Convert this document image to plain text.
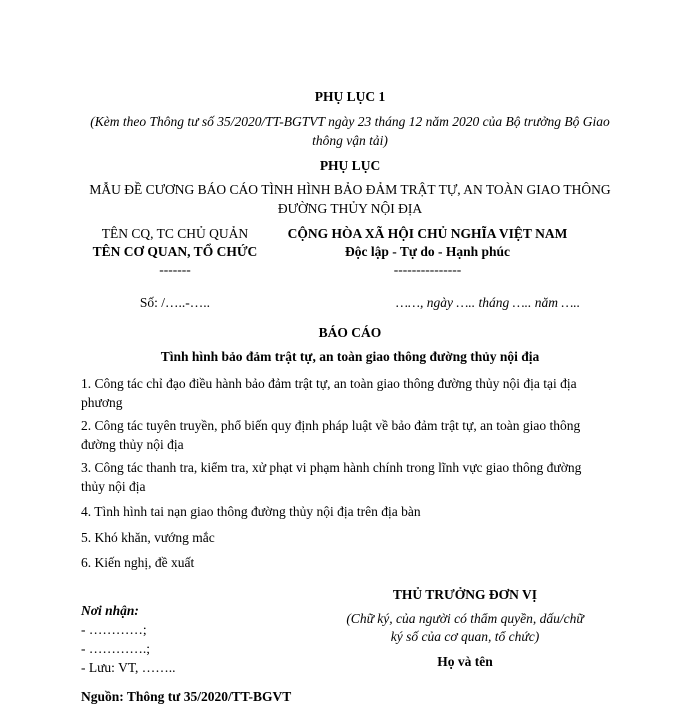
PHỤ LỤC 1
(Kèm theo Thông tư số 35/2020/TT-BGTVT ngày 23 tháng 12 năm 2020 của Bộ trưởng Bộ Giao
thông vận tải)
PHỤ LỤC
MẪU ĐỀ CƯƠNG BÁO CÁO TÌNH HÌNH BẢO ĐẢM TRẬT TỰ, AN TOÀN GIAO THÔNG
ĐƯỜNG THỦY NỘI ĐỊA
TÊN CQ, TC CHỦ QUẢN
TÊN CƠ QUAN, TỔ CHỨC
-------
Số: /…..-…..
CỘNG HÒA XÃ HỘI CHỦ NGHĨA VIỆT NAM
Độc lập - Tự do - Hạnh phúc
---------------
……, ngày ….. tháng ….. năm …..
BÁO CÁO
Tình hình bảo đảm trật tự, an toàn giao thông đường thủy nội địa
1. Công tác chỉ đạo điều hành bảo đảm trật tự, an toàn giao thông đường thủy nội địa tại địa
phương
2. Công tác tuyên truyền, phổ biến quy định pháp luật về bảo đảm trật tự, an toàn giao thông
đường thủy nội địa
3. Công tác thanh tra, kiểm tra, xử phạt vi phạm hành chính trong lĩnh vực giao thông đường
thủy nội địa
4. Tình hình tai nạn giao thông đường thủy nội địa trên địa bàn
5. Khó khăn, vướng mắc
6. Kiến nghị, đề xuất
Nơi nhận:
- …………;
- ………….;
- Lưu: VT, ……..
THỦ TRƯỞNG ĐƠN VỊ
(Chữ ký, của người có thẩm quyền, dấu/chữ
ký số của cơ quan, tổ chức)
Họ và tên
Nguồn: Thông tư 35/2020/TT-BGVT
